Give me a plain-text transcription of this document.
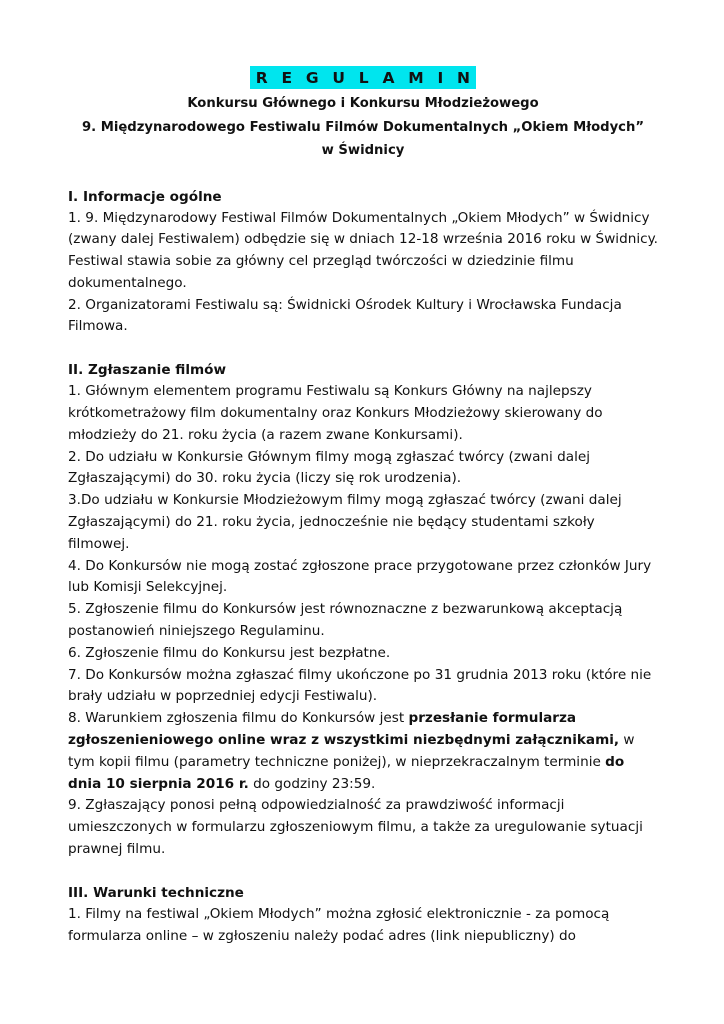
R E G U L A M I N
Konkursu Głównego i Konkursu Młodzieżowego
9. Międzynarodowego Festiwalu Filmów Dokumentalnych „Okiem Młodych”
w Świdnicy
I. Informacje ogólne

1. 9. Międzynarodowy Festiwal Filmów Dokumentalnych „Okiem Młodych” w Świdnicy (zwany dalej Festiwalem) odbędzie się w dniach 12-18 września 2016 roku w Świdnicy. Festiwal stawia sobie za główny cel przegląd twórczości w dziedzinie filmu dokumentalnego.

2. Organizatorami Festiwalu są: Świdnicki Ośrodek Kultury i Wrocławska Fundacja Filmowa.

II. Zgłaszanie filmów

1. Głównym elementem programu Festiwalu są Konkurs Główny na najlepszy krótkometrażowy film dokumentalny oraz Konkurs Młodzieżowy skierowany do młodzieży do 21. roku życia (a razem zwane Konkursami).

2. Do udziału w Konkursie Głównym filmy mogą zgłaszać twórcy (zwani dalej Zgłaszającymi) do 30. roku życia (liczy się rok urodzenia).

3.Do udziału w Konkursie Młodzieżowym filmy mogą zgłaszać twórcy (zwani dalej Zgłaszającymi) do 21. roku życia, jednocześnie nie będący studentami szkoły filmowej.

4. Do Konkursów nie mogą zostać zgłoszone prace przygotowane przez członków Jury lub Komisji Selekcyjnej.

5. Zgłoszenie filmu do Konkursów jest równoznaczne z bezwarunkową akceptacją postanowień niniejszego Regulaminu.

6. Zgłoszenie filmu do Konkursu jest bezpłatne.

7. Do Konkursów można zgłaszać filmy ukończone po 31 grudnia 2013 roku (które nie brały udziału w poprzedniej edycji Festiwalu).

8. Warunkiem zgłoszenia filmu do Konkursów jest przesłanie formularza zgłoszenieniowego online wraz z wszystkimi niezbędnymi załącznikami, w tym kopii filmu (parametry techniczne poniżej), w nieprzekraczalnym terminie do dnia 10 sierpnia 2016 r. do godziny 23:59.

9. Zgłaszający ponosi pełną odpowiedzialność za prawdziwość informacji umieszczonych w formularzu zgłoszeniowym filmu, a także za uregulowanie sytuacji prawnej filmu.

III. Warunki techniczne

1. Filmy na festiwal „Okiem Młodych” można zgłosić elektronicznie - za pomocą formularza online – w zgłoszeniu należy podać adres (link niepubliczny) do
